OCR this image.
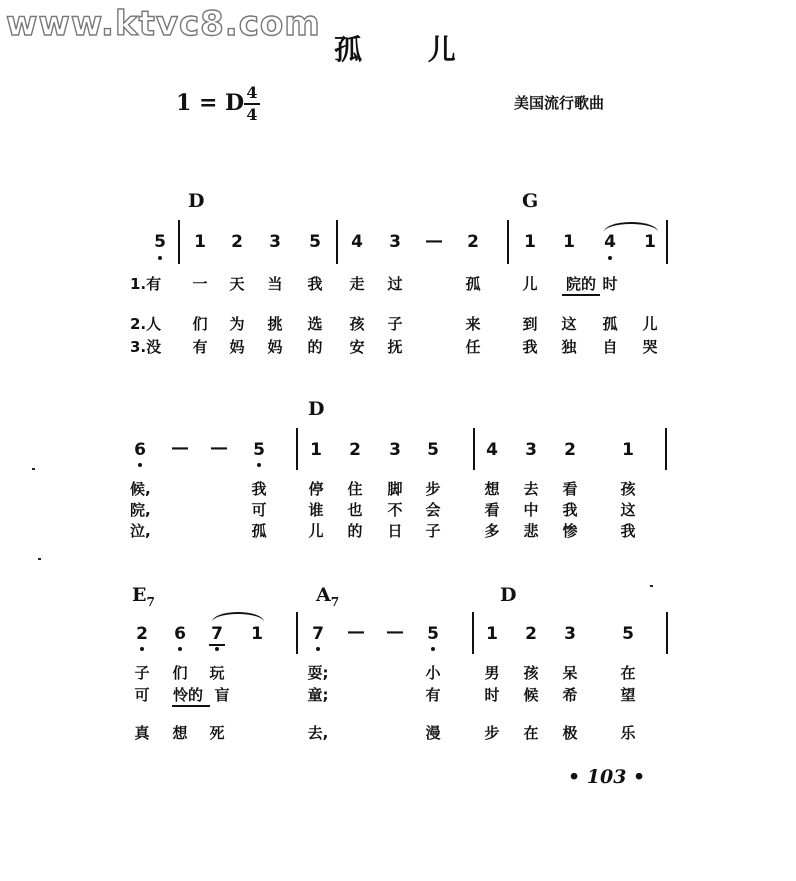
www.ktvc8.com
孤 儿
1 = D 4
4
美国流行歌曲
D	G
5 1 2 3 5 4 3 — 2	1 1 4 1
1.有 一 天 当 我 走 过	孤	儿 院的 时
2.人 们 为 挑 选 孩 子	来	到 这 孤 儿
3.没 有 妈 妈 的 安 抚	任	我 独 自 哭
D
6 — — 5	1 2 3 5	4 3 2	1
候,	我	停 住 脚 步	想 去 看	孩
院,	可	谁 也 不 会	看 中 我	这
泣,	孤	儿 的 日 子	多 悲 惨	我
$E_7$	$A_7$	D
2 6 7 1	7 — — 5	1 2 3	5
子 们 玩	耍;	小	男 孩 呆	在
可 怜的 盲	童;	有	时 候 希	望
真 想 死	去,	漫	步 在 极	乐
• 103 •
